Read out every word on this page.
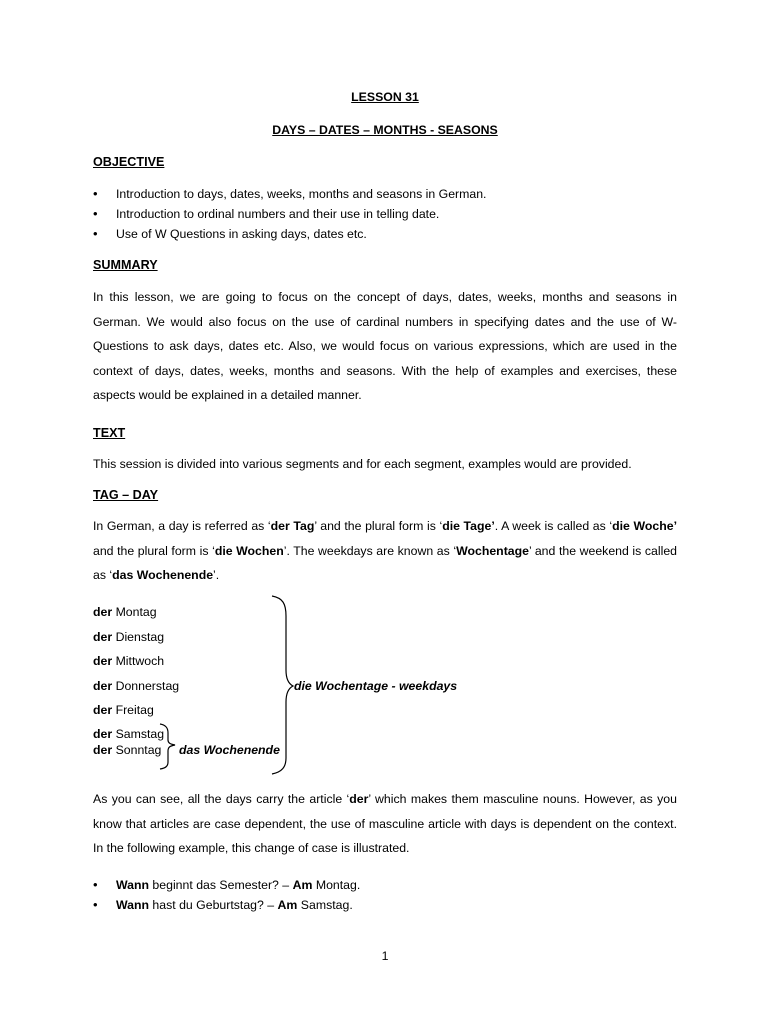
LESSON 31
DAYS – DATES – MONTHS - SEASONS
OBJECTIVE
• Introduction to days, dates, weeks, months and seasons in German.
• Introduction to ordinal numbers and their use in telling date.
• Use of W Questions in asking days, dates etc.
SUMMARY

In this lesson, we are going to focus on the concept of days, dates, weeks, months and seasons in German. We would also focus on the use of cardinal numbers in specifying dates and the use of W-Questions to ask days, dates etc. Also, we would focus on various expressions, which are used in the context of days, dates, weeks, months and seasons. With the help of examples and exercises, these aspects would be explained in a detailed manner.

TEXT
This session is divided into various segments and for each segment, examples would are provided.
TAG – DAY

In German, a day is referred as ‘der Tag’ and the plural form is ‘die Tage’. A week is called as ‘die Woche’ and the plural form is ‘die Wochen’. The weekdays are known as ‘Wochentage’ and the weekend is called as ‘das Wochenende’.

der Montag
der Dienstag
der Mittwoch
der Donnerstag
der Freitag
der Samstag
der Sonntag
die Wochentage - weekdays
das Wochenende

As you can see, all the days carry the article ‘der’ which makes them masculine nouns. However, as you know that articles are case dependent, the use of masculine article with days is dependent on the context. In the following example, this change of case is illustrated.

• Wann beginnt das Semester? – Am Montag.
• Wann hast du Geburtstag? – Am Samstag.
1
